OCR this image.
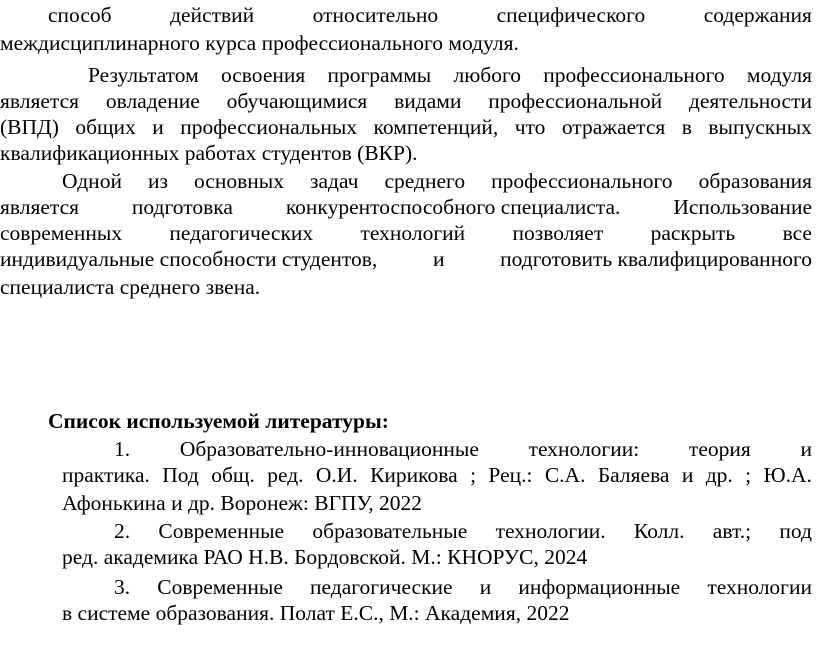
способ	действий	относительно	специфического	содержания
междисциплинарного курса профессионального модуля.
Результатом освоения программы любого профессионального модуля
является овладение обучающимися видами профессиональной деятельности
(ВПД) общих и профессиональных компетенций, что отражается в выпускных
квалификационных работах студентов (ВКР).
Одной из основных задач среднего профессионального образования
является подготовка конкурентоспособного специалиста. Использование
современных педагогических технологий позволяет раскрыть все
индивидуальные способности студентов,	и	подготовить квалифицированного
специалиста среднего звена.
Список используемой литературы:
1. Образовательно-инновационные технологии: теория и
практика. Под общ. ред. О.И. Кирикова ; Рец.: С.А. Баляева и др. ; Ю.А.
Афонькина и др. Воронеж: ВГПУ, 2022
2. Современные образовательные технологии. Колл. авт.; под
ред. академика РАО Н.В. Бордовской. М.: КНОРУС, 2024
3. Современные педагогические и информационные технологии
в системе образования. Полат Е.С., М.: Академия, 2022
